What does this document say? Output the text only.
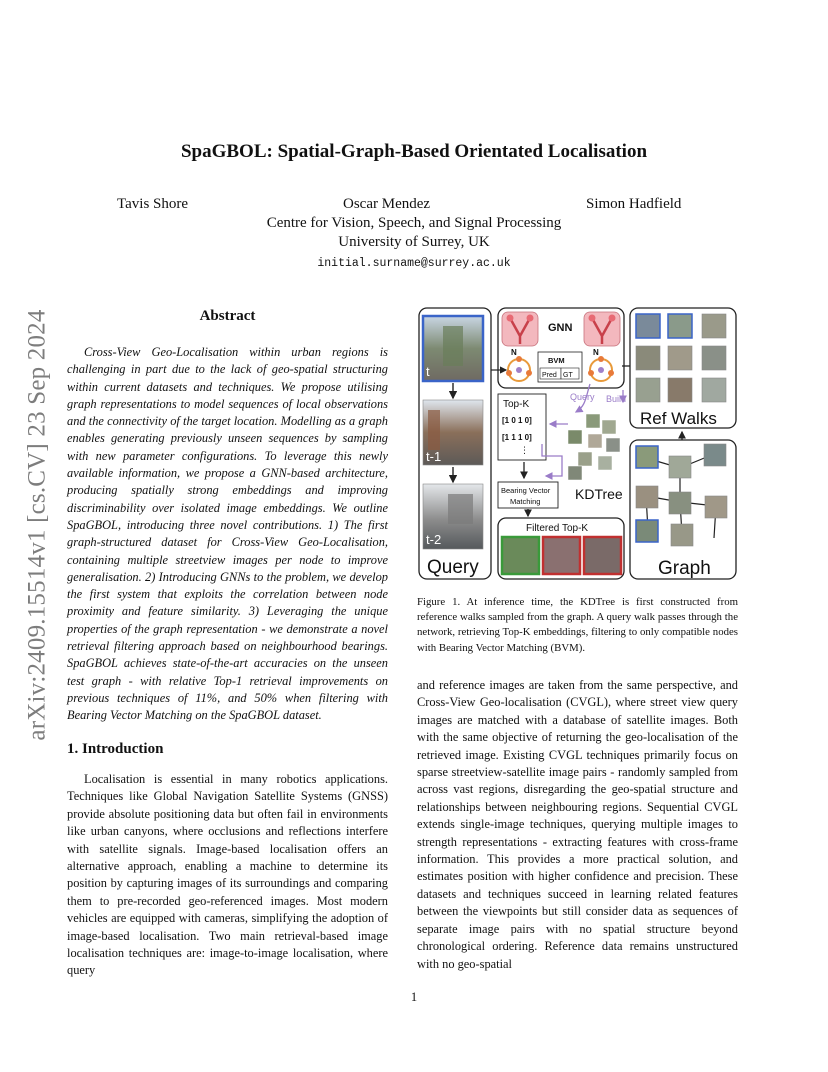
arXiv:2409.15514v1 [cs.CV] 23 Sep 2024
SpaGBOL: Spatial-Graph-Based Orientated Localisation
Tavis Shore	Oscar Mendez	Simon Hadfield
Centre for Vision, Speech, and Signal Processing
University of Surrey, UK
initial.surname@surrey.ac.uk
Abstract

Cross-View Geo-Localisation within urban regions is challenging in part due to the lack of geo-spatial structuring within current datasets and techniques. We propose utilising graph representations to model sequences of local observations and the connectivity of the target location. Modelling as a graph enables generating previously unseen sequences by sampling with new parameter configurations. To leverage this newly available information, we propose a GNN-based architecture, producing spatially strong embeddings and improving discriminability over isolated image embeddings. We outline SpaGBOL, introducing three novel contributions. 1) The first graph-structured dataset for Cross-View Geo-Localisation, containing multiple streetview images per node to improve generalisation. 2) Introducing GNNs to the problem, we develop the first system that exploits the correlation between node proximity and feature similarity. 3) Leveraging the unique properties of the graph representation - we demonstrate a novel retrieval filtering approach based on neighbourhood bearings. SpaGBOL achieves state-of-the-art accuracies on the unseen test graph - with relative Top-1 retrieval improvements on previous techniques of 11%, and 50% when filtering with Bearing Vector Matching on the SpaGBOL dataset.

1. Introduction

Localisation is essential in many robotics applications. Techniques like Global Navigation Satellite Systems (GNSS) provide absolute positioning data but often fail in environments like urban canyons, where occlusions and reflections interfere with satellite signals. Image-based localisation offers an alternative approach, enabling a machine to determine its position by capturing images of its surroundings and comparing them to pre-recorded geo-referenced images. Most modern vehicles are equipped with cameras, simplifying the adoption of image-based localisation. Two main retrieval-based image localisation techniques are: image-to-image localisation, where query

t
t-1
t-2
Query
GNN
N	N
BVM
Pred GT
Top-K
[1 0 1 0]
[1 1 1 0]
⋮
Query Build
KDTree
Bearing Vector
Matching
Filtered Top-K
Ref Walks
Graph

Figure 1. At inference time, the KDTree is first constructed from reference walks sampled from the graph. A query walk passes through the network, retrieving Top-K embeddings, filtering to only compatible nodes with Bearing Vector Matching (BVM).

and reference images are taken from the same perspective, and Cross-View Geo-localisation (CVGL), where street view query images are matched with a database of satellite images. Both with the same objective of returning the geo-localisation of the retrieved image. Existing CVGL techniques primarily focus on sparse streetview-satellite image pairs - randomly sampled from across vast regions, disregarding the geo-spatial structure and relationships between neighbouring regions. Sequential CVGL extends single-image techniques, querying multiple images to strength representations - extracting features with cross-frame information. This provides a more practical solution, and estimates position with higher confidence and precision. These datasets and techniques succeed in learning related features between the viewpoints but still consider data as sequences of separate image pairs with no spatial structure beyond chronological ordering. Reference data remains unstructured with no geo-spatial

1
